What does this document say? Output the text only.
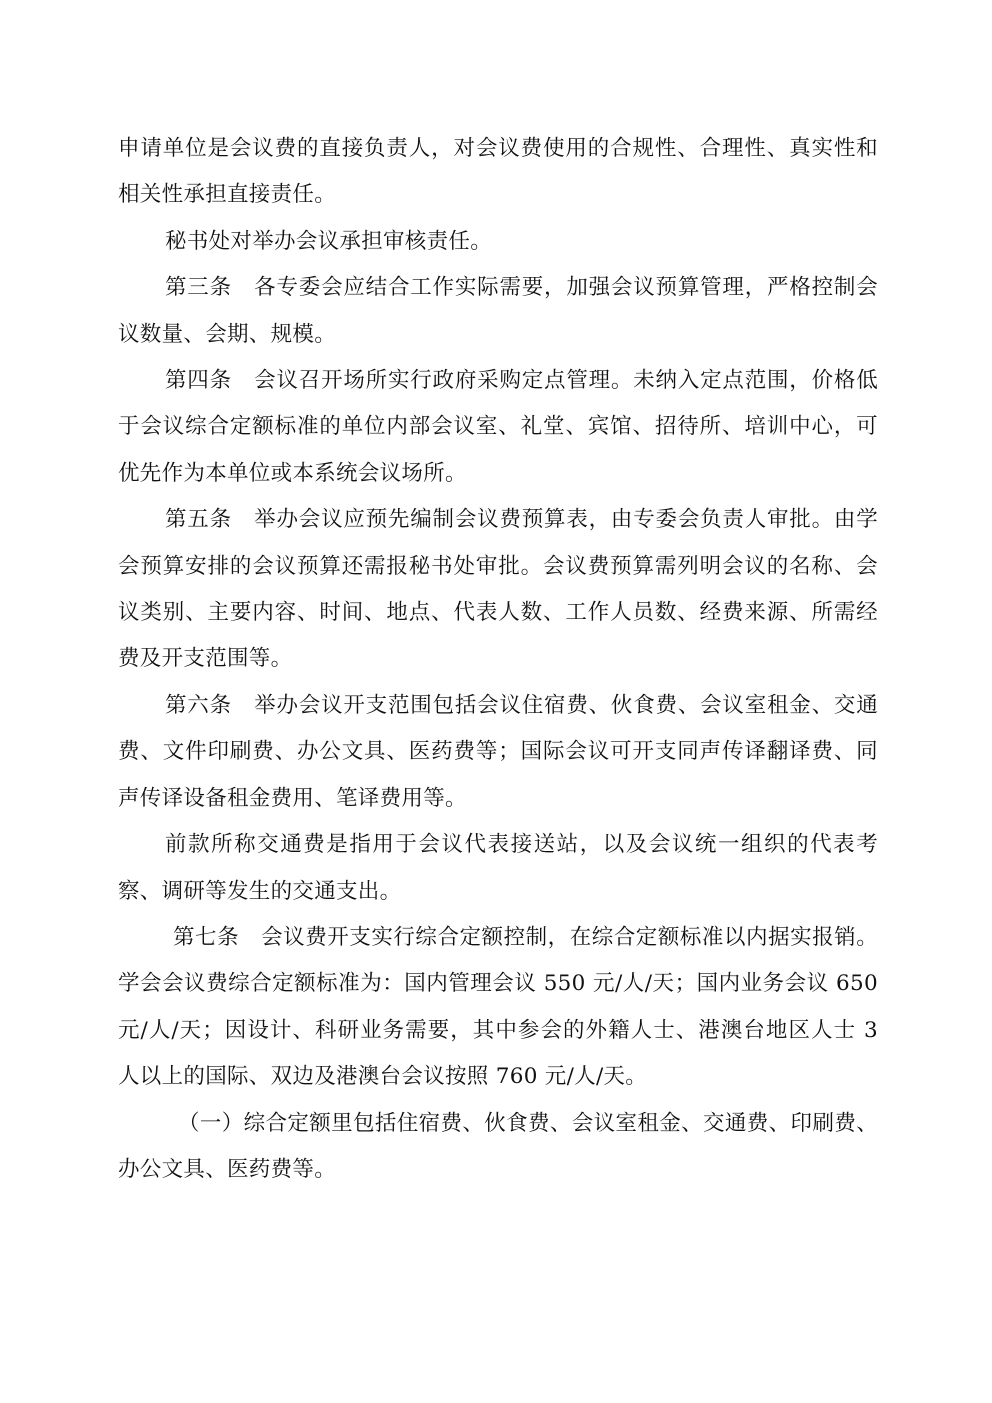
申请单位是会议费的直接负责人，对会议费使用的合规性、合理性、真实性和相关性承担直接责任。

秘书处对举办会议承担审核责任。

第三条　各专委会应结合工作实际需要，加强会议预算管理，严格控制会议数量、会期、规模。

第四条　会议召开场所实行政府采购定点管理。未纳入定点范围，价格低于会议综合定额标准的单位内部会议室、礼堂、宾馆、招待所、培训中心，可优先作为本单位或本系统会议场所。

第五条　举办会议应预先编制会议费预算表，由专委会负责人审批。由学会预算安排的会议预算还需报秘书处审批。会议费预算需列明会议的名称、会议类别、主要内容、时间、地点、代表人数、工作人员数、经费来源、所需经费及开支范围等。

第六条　举办会议开支范围包括会议住宿费、伙食费、会议室租金、交通费、文件印刷费、办公文具、医药费等；国际会议可开支同声传译翻译费、同声传译设备租金费用、笔译费用等。

前款所称交通费是指用于会议代表接送站，以及会议统一组织的代表考察、调研等发生的交通支出。

第七条　会议费开支实行综合定额控制，在综合定额标准以内据实报销。学会会议费综合定额标准为：国内管理会议 550 元/人/天；国内业务会议 650 元/人/天；因设计、科研业务需要，其中参会的外籍人士、港澳台地区人士 3 人以上的国际、双边及港澳台会议按照 760 元/人/天。

（一）综合定额里包括住宿费、伙食费、会议室租金、交通费、印刷费、办公文具、医药费等。
